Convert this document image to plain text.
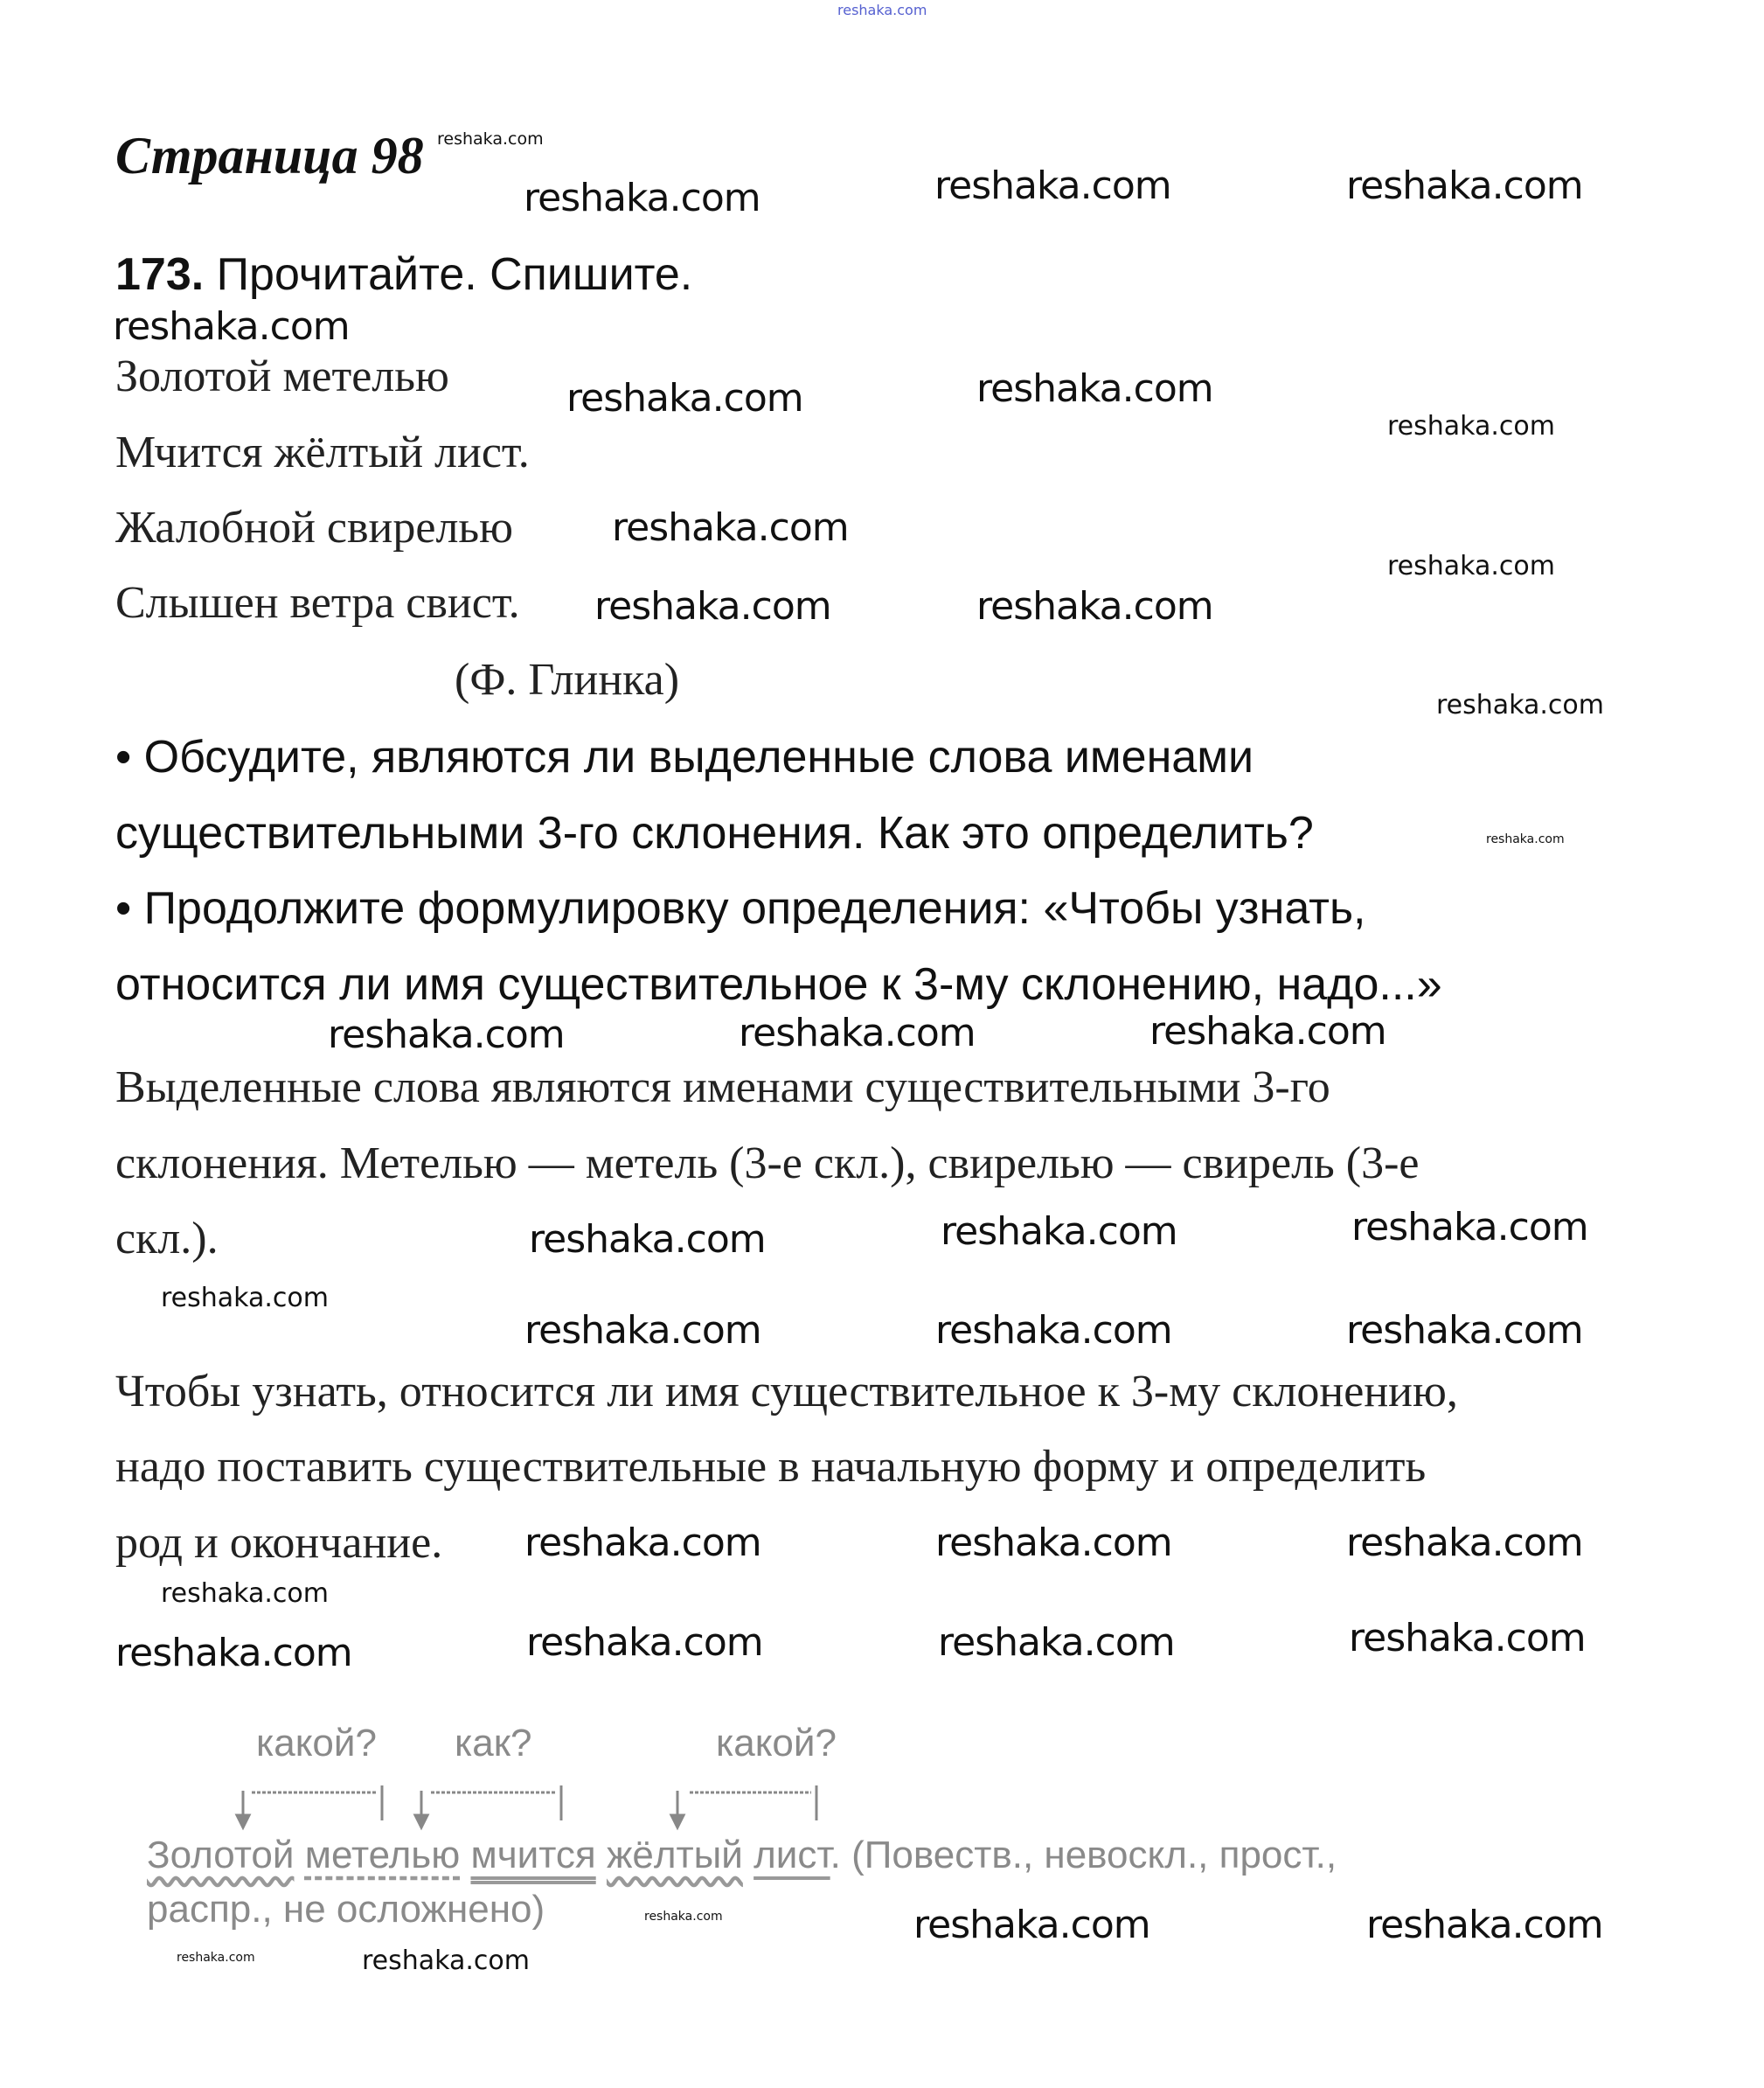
reshaka.com
Страница 98 reshaka.com
173. Прочитайте. Спишите.
Золотой метелью
Мчится жёлтый лист.
Жалобной свирелью
Слышен ветра свист.
(Ф. Глинка)
• Обсудите, являются ли выделенные слова именами
существительными 3-го склонения. Как это определить?
• Продолжите формулировку определения: «Чтобы узнать,
относится ли имя существительное к 3-му склонению, надо...»
Выделенные слова являются именами существительными 3-го
склонения. Метелью — метель (3-е скл.), свирелью — свирель (3-е
скл.).
Чтобы узнать, относится ли имя существительное к 3-му склонению,
надо поставить существительные в начальную форму и определить
род и окончание.
какой? как?	какой?
Золотой метелью мчится жёлтый лист. (Повеств., невоскл., прост.,
распр., не осложнено)
reshaka.com	reshaka.com	reshaka.com
reshaka.com
reshaka.com	reshaka.com
reshaka.com
reshaka.com
reshaka.com	reshaka.com
reshaka.com
reshaka.com
reshaka.com	reshaka.com	reshaka.com
reshaka.com
reshaka.com	reshaka.com	reshaka.com
reshaka.com	reshaka.com	reshaka.com
reshaka.com
reshaka.com
reshaka.com	reshaka.com	reshaka.com
reshaka.com	reshaka.com	reshaka.com	reshaka.com
reshaka.com	reshaka.com
reshaka.com	reshaka.com	reshaka.com
